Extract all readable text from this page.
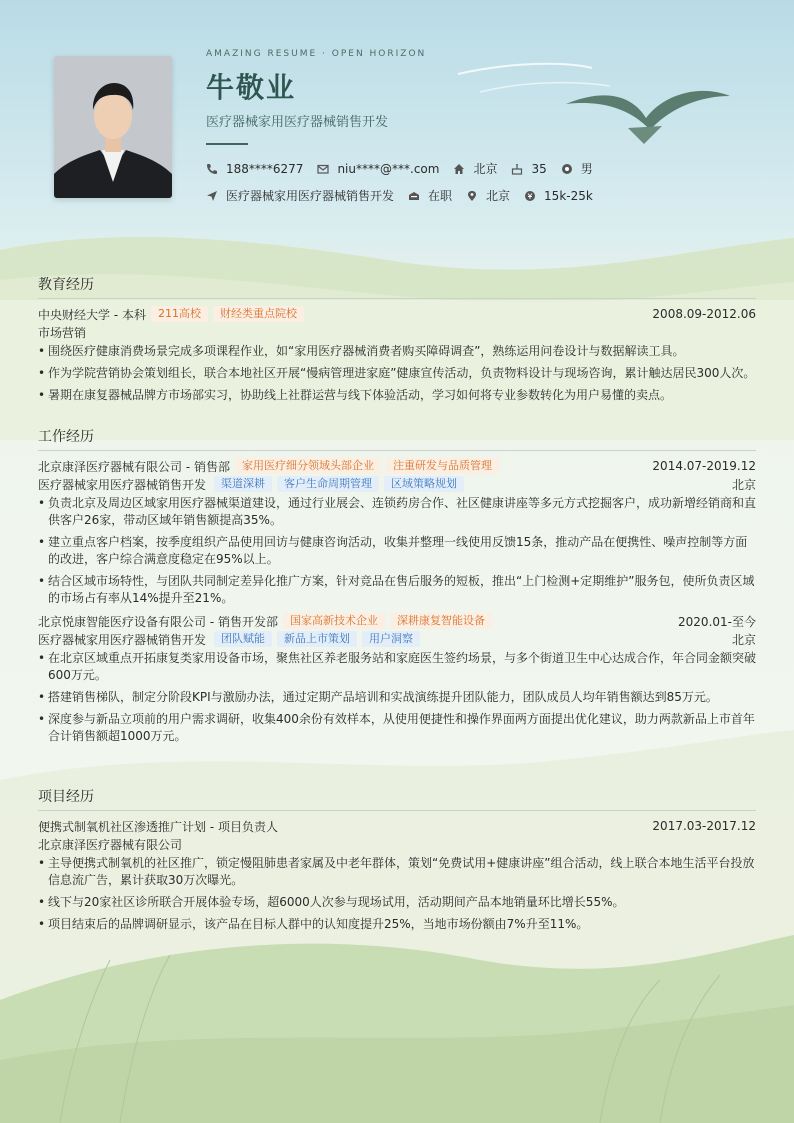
AMAZING RESUME · OPEN HORIZON
牛敬业
医疗器械家用医疗器械销售开发
188****6277	niu****@***.com	北京	35	男
医疗器械家用医疗器械销售开发	在职	北京	15k-25k
教育经历
中央财经大学 - 本科	211高校	财经类重点院校	2008.09-2012.06
市场营销
• 围绕医疗健康消费场景完成多项课程作业，如“家用医疗器械消费者购买障碍调查”，熟练运用问卷设计与数据解读工具。
• 作为学院营销协会策划组长，联合本地社区开展“慢病管理进家庭”健康宣传活动，负责物料设计与现场咨询，累计触达居民300人次。
• 暑期在康复器械品牌方市场部实习，协助线上社群运营与线下体验活动，学习如何将专业参数转化为用户易懂的卖点。
工作经历
北京康泽医疗器械有限公司 - 销售部	家用医疗细分领域头部企业	注重研发与品质管理	2014.07-2019.12
医疗器械家用医疗器械销售开发	渠道深耕	客户生命周期管理	区域策略规划	北京
• 负责北京及周边区域家用医疗器械渠道建设，通过行业展会、连锁药房合作、社区健康讲座等多元方式挖掘客户，成功新增经销商和直供客户26家，带动区域年销售额提高35%。
• 建立重点客户档案，按季度组织产品使用回访与健康咨询活动，收集并整理一线使用反馈15条，推动产品在便携性、噪声控制等方面的改进，客户综合满意度稳定在95%以上。
• 结合区域市场特性，与团队共同制定差异化推广方案，针对竞品在售后服务的短板，推出“上门检测+定期维护”服务包，使所负责区域的市场占有率从14%提升至21%。
北京悦康智能医疗设备有限公司 - 销售开发部	国家高新技术企业	深耕康复智能设备	2020.01-至今
医疗器械家用医疗器械销售开发	团队赋能	新品上市策划	用户洞察	北京
• 在北京区域重点开拓康复类家用设备市场，聚焦社区养老服务站和家庭医生签约场景，与多个街道卫生中心达成合作，年合同金额突破600万元。
• 搭建销售梯队，制定分阶段KPI与激励办法，通过定期产品培训和实战演练提升团队能力，团队成员人均年销售额达到85万元。
• 深度参与新品立项前的用户需求调研，收集400余份有效样本，从使用便捷性和操作界面两方面提出优化建议，助力两款新品上市首年合计销售额超1000万元。
项目经历
便携式制氧机社区渗透推广计划 - 项目负责人	2017.03-2017.12
北京康泽医疗器械有限公司
• 主导便携式制氧机的社区推广，锁定慢阻肺患者家属及中老年群体，策划“免费试用+健康讲座”组合活动，线上联合本地生活平台投放信息流广告，累计获取30万次曝光。
• 线下与20家社区诊所联合开展体验专场，超6000人次参与现场试用，活动期间产品本地销量环比增长55%。
• 项目结束后的品牌调研显示，该产品在目标人群中的认知度提升25%，当地市场份额由7%升至11%。
